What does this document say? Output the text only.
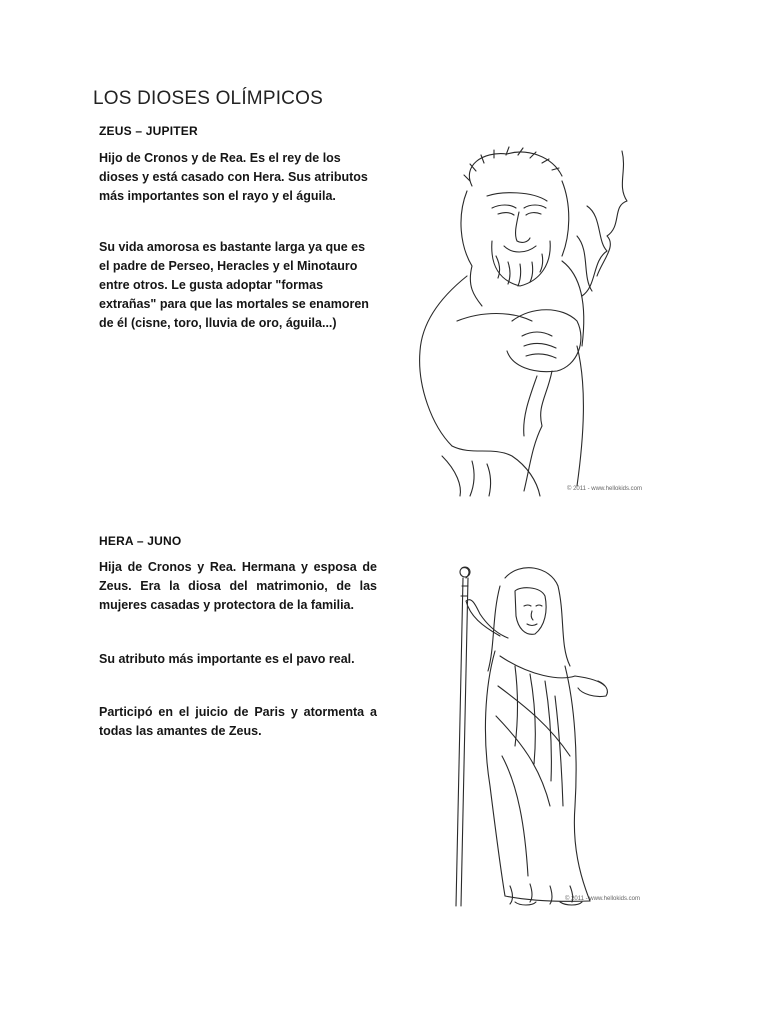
LOS DIOSES OLÍMPICOS
ZEUS – JUPITER
Hijo de Cronos y de Rea. Es el rey de los dioses y está casado con Hera. Sus atributos más importantes son el rayo y el águila.
Su vida amorosa es bastante larga ya que es el padre de Perseo, Heracles y el Minotauro entre otros. Le gusta adoptar "formas extrañas" para que las mortales se enamoren de él (cisne, toro, lluvia de oro, águila...)
© 2011 - www.hellokids.com
HERA – JUNO
Hija de Cronos y Rea. Hermana y esposa de Zeus. Era la diosa del matrimonio, de las mujeres casadas y protectora de la familia.
Su atributo más importante es el pavo real.
Participó en el juicio de Paris y atormenta a todas las amantes de Zeus.
© 2011 - www.hellokids.com
